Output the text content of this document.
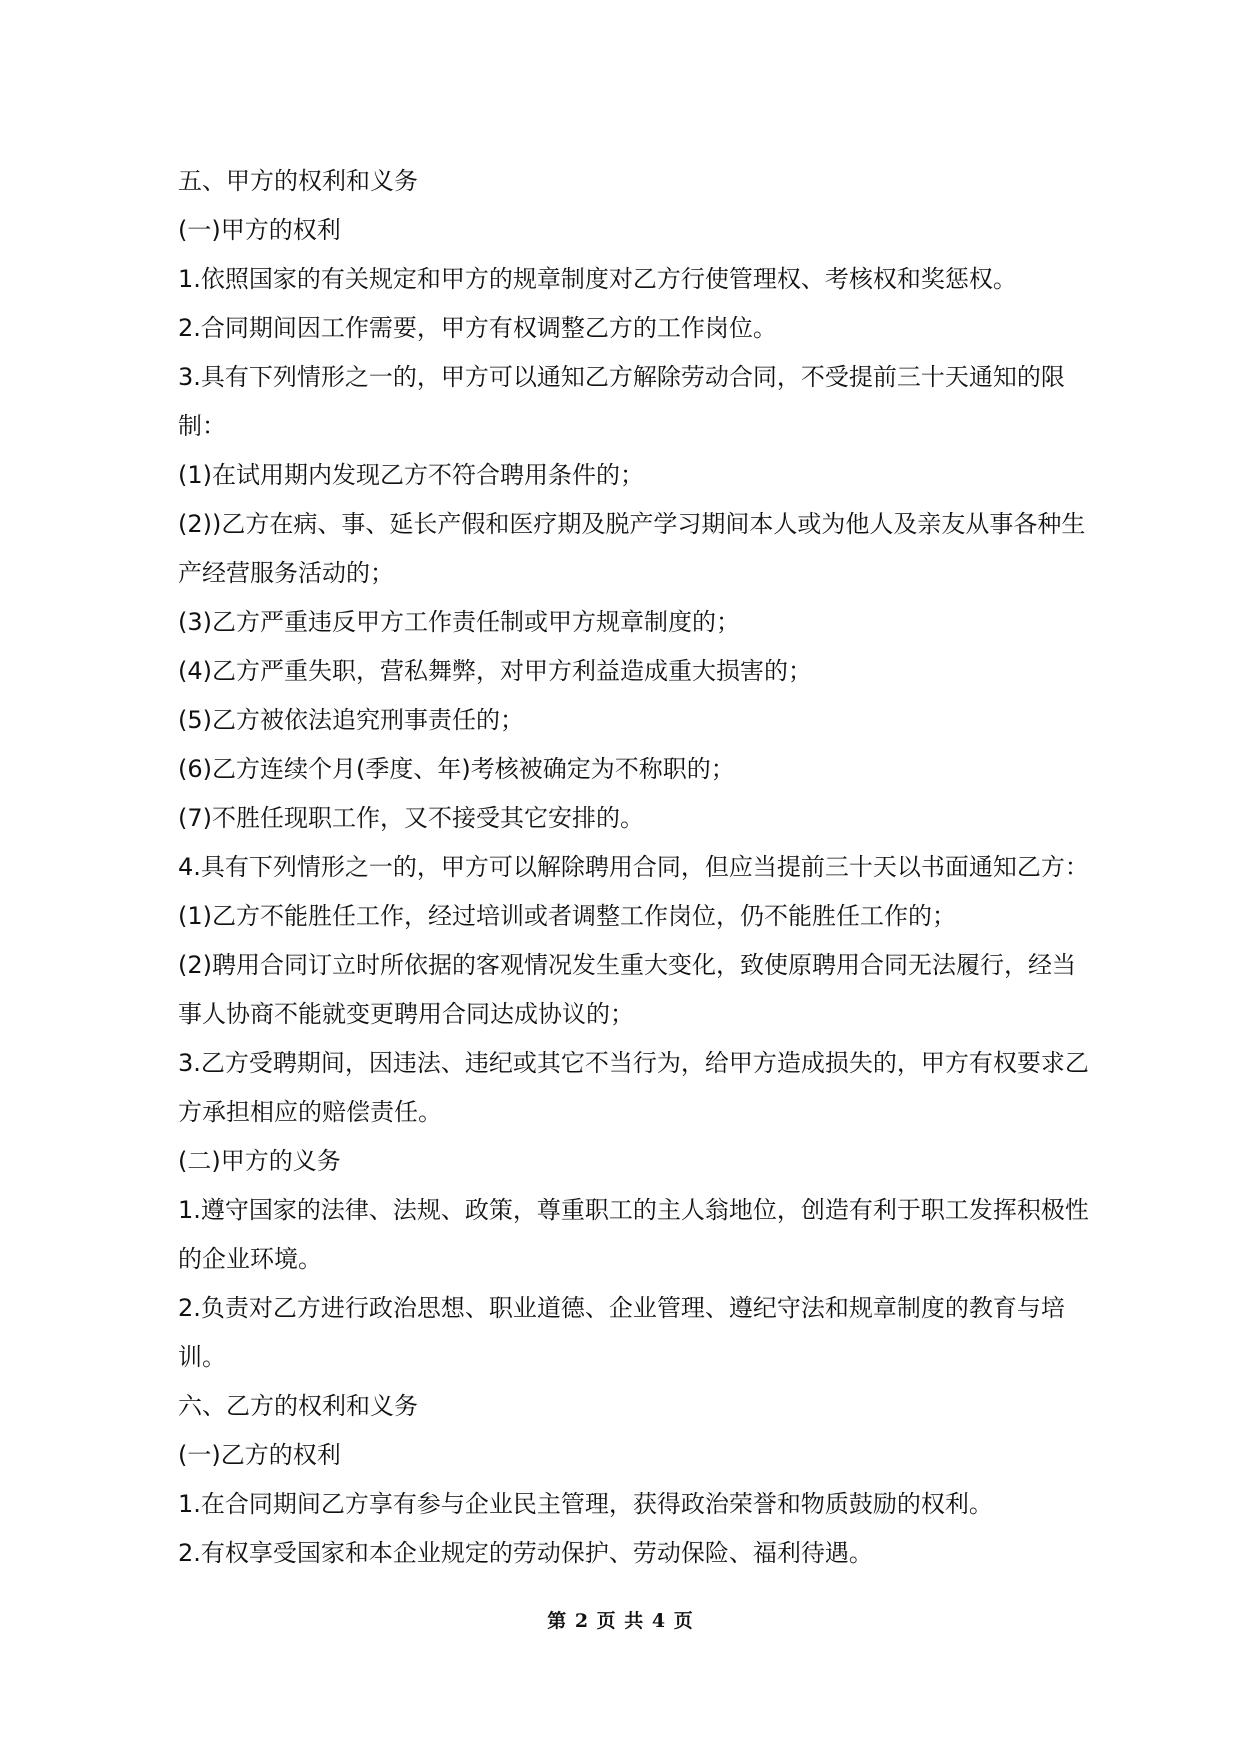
五、甲方的权利和义务

(一)甲方的权利

1.依照国家的有关规定和甲方的规章制度对乙方行使管理权、考核权和奖惩权。

2.合同期间因工作需要，甲方有权调整乙方的工作岗位。

3.具有下列情形之一的，甲方可以通知乙方解除劳动合同，不受提前三十天通知的限制：

(1)在试用期内发现乙方不符合聘用条件的；

(2))乙方在病、事、延长产假和医疗期及脱产学习期间本人或为他人及亲友从事各种生产经营服务活动的；

(3)乙方严重违反甲方工作责任制或甲方规章制度的；

(4)乙方严重失职，营私舞弊，对甲方利益造成重大损害的；

(5)乙方被依法追究刑事责任的；

(6)乙方连续个月(季度、年)考核被确定为不称职的；

(7)不胜任现职工作，又不接受其它安排的。

4.具有下列情形之一的，甲方可以解除聘用合同，但应当提前三十天以书面通知乙方：

(1)乙方不能胜任工作，经过培训或者调整工作岗位，仍不能胜任工作的；

(2)聘用合同订立时所依据的客观情况发生重大变化，致使原聘用合同无法履行，经当事人协商不能就变更聘用合同达成协议的；

3.乙方受聘期间，因违法、违纪或其它不当行为，给甲方造成损失的，甲方有权要求乙方承担相应的赔偿责任。

(二)甲方的义务

1.遵守国家的法律、法规、政策，尊重职工的主人翁地位，创造有利于职工发挥积极性的企业环境。

2.负责对乙方进行政治思想、职业道德、企业管理、遵纪守法和规章制度的教育与培训。

六、乙方的权利和义务

(一)乙方的权利

1.在合同期间乙方享有参与企业民主管理，获得政治荣誉和物质鼓励的权利。

2.有权享受国家和本企业规定的劳动保护、劳动保险、福利待遇。

第 2 页 共 4 页
